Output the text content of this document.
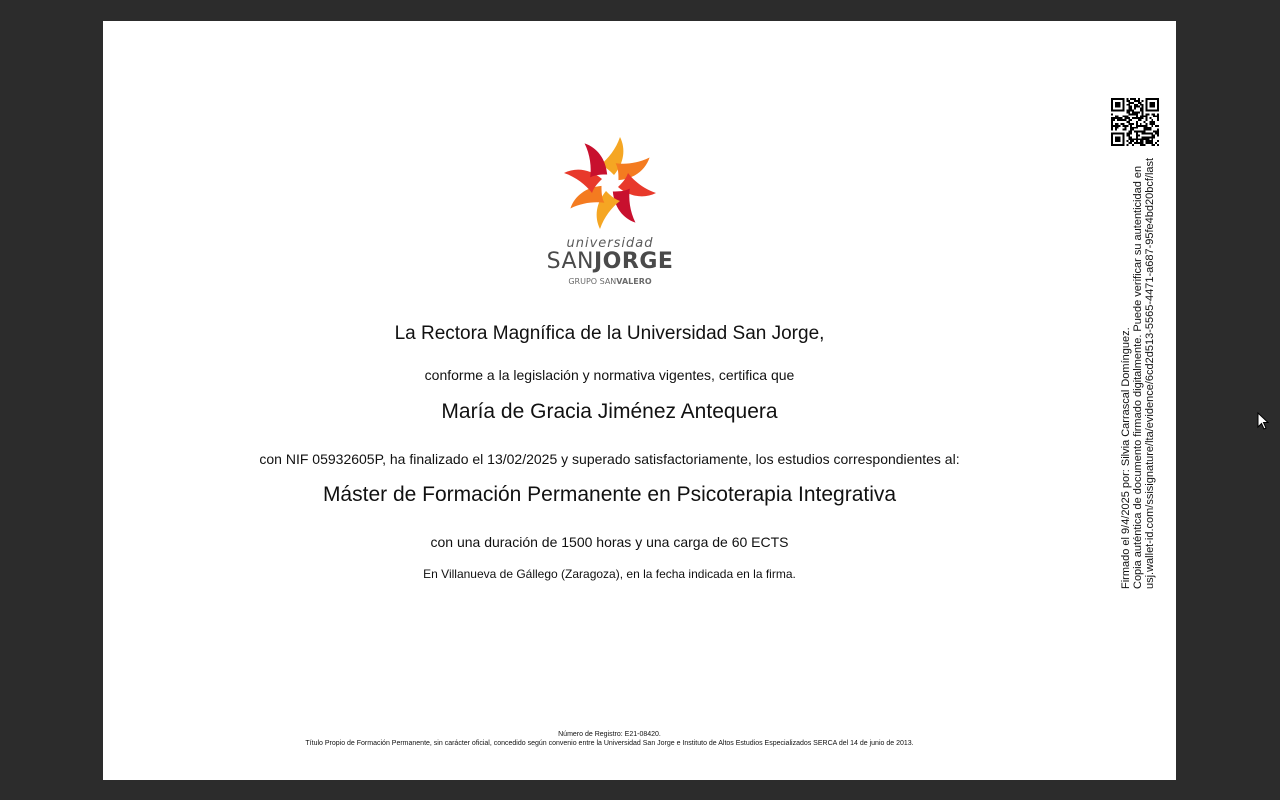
universidad
SANJORGE
GRUPO SANVALERO
La Rectora Magnífica de la Universidad San Jorge,
conforme a la legislación y normativa vigentes, certifica que
María de Gracia Jiménez Antequera
con NIF 05932605P, ha finalizado el 13/02/2025 y superado satisfactoriamente, los estudios correspondientes al:
Máster de Formación Permanente en Psicoterapia Integrativa
con una duración de 1500 horas y una carga de 60 ECTS
En Villanueva de Gállego (Zaragoza), en la fecha indicada en la firma.
Número de Registro: E21-08420.
Título Propio de Formación Permanente, sin carácter oficial, concedido según convenio entre la Universidad San Jorge e Instituto de Altos Estudios Especializados SERCA del 14 de junio de 2013.
Firmado el 9/4/2025 por: Silvia Carrascal Domínguez. Copia auténtica de documento firmado digitalmente. Puede verificar su autenticidad en usj.wallet-id.com/ssisignature/lta/evidence/6cd2d513-5565-4471-a687-95fe4bd20bcf/last
